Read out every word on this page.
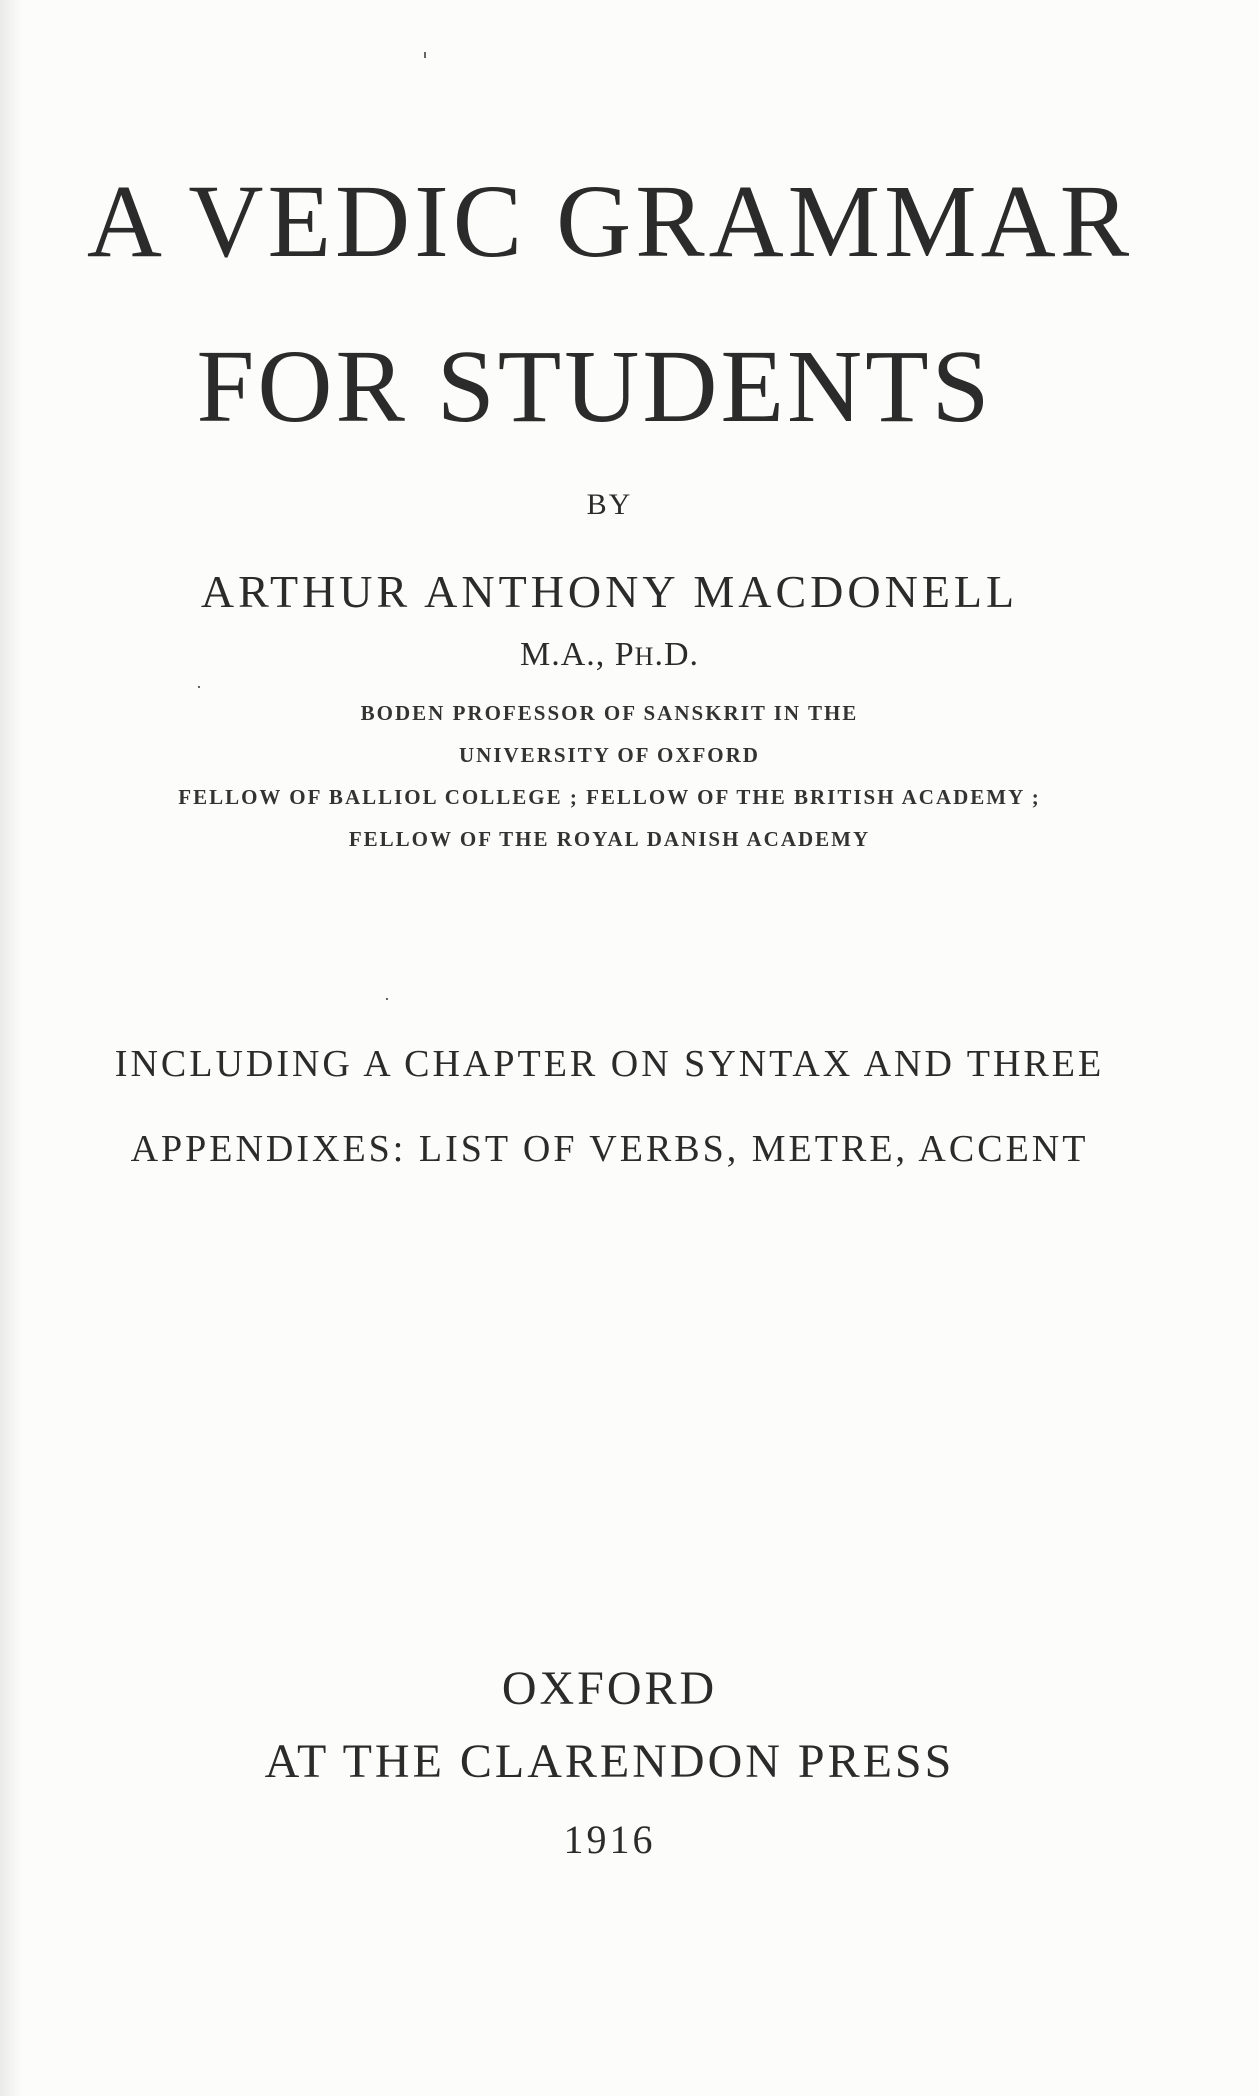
A VEDIC GRAMMAR
FOR STUDENTS
BY
ARTHUR ANTHONY MACDONELL
M.A., PH.D.
BODEN PROFESSOR OF SANSKRIT IN THE
UNIVERSITY OF OXFORD
FELLOW OF BALLIOL COLLEGE ; FELLOW OF THE BRITISH ACADEMY ;
FELLOW OF THE ROYAL DANISH ACADEMY
INCLUDING A CHAPTER ON SYNTAX AND THREE
APPENDIXES: LIST OF VERBS, METRE, ACCENT
OXFORD
AT THE CLARENDON PRESS
1916
